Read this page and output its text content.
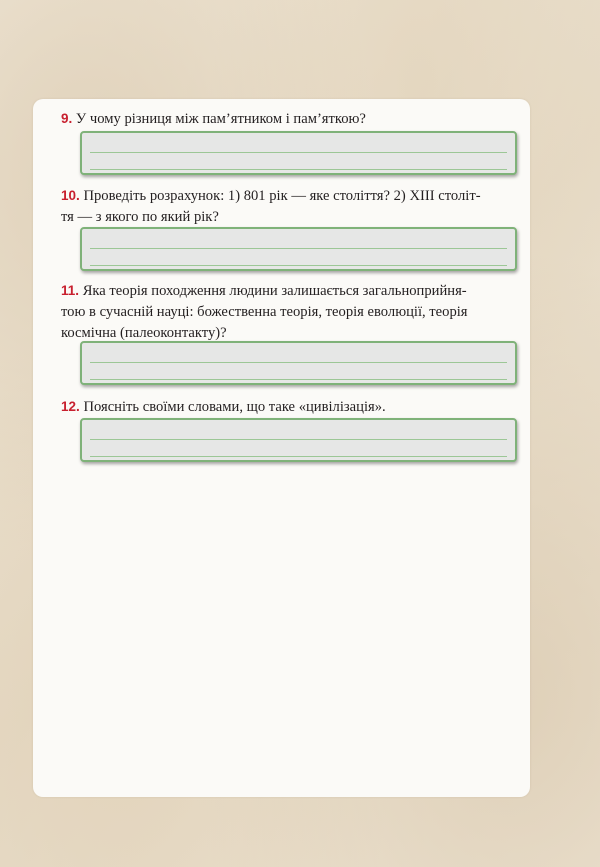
9. У чому різниця між пам’ятником і пам’яткою?
10. Проведіть розрахунок: 1) 801 рік — яке століття? 2) XIII століт-
тя — з якого по який рік?
11. Яка теорія походження людини залишається загальноприйня-
тою в сучасній науці: божественна теорія, теорія еволюції, теорія
космічна (палеоконтакту)?
12. Поясніть своїми словами, що таке «цивілізація».
